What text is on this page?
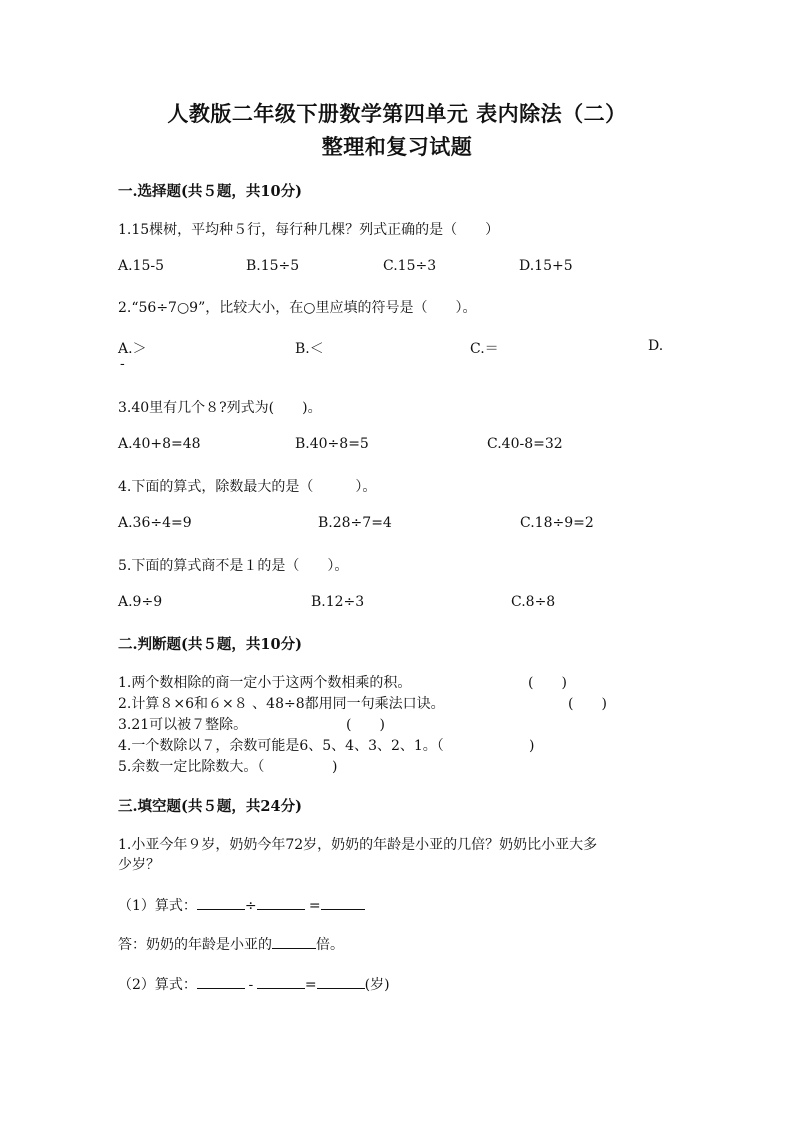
人教版二年级下册数学第四单元 表内除法（二）
整理和复习试题
一.选择题(共５题，共10分)
1.15棵树，平均种５行，每行种几棵？列式正确的是（　　）
A.15-5	B.15÷5	C.15÷3	D.15+5
2.“56÷7○9”，比较大小，在○里应填的符号是（　　）。
A.＞	B.＜	C.＝	D.
-
3.40里有几个８?列式为(　　)。
A.40+8=48	B.40÷8=5	C.40-8=32
4.下面的算式，除数最大的是（　　　）。
A.36÷4=9	B.28÷7=4	C.18÷9=2
5.下面的算式商不是１的是（　　）。
A.9÷9	B.12÷3	C.8÷8
二.判断题(共５题，共10分)
1.两个数相除的商一定小于这两个数相乘的积。	(　　)
2.计算８×6和６×８ 、48÷8都用同一句乘法口诀。	(　　)
3.21可以被７整除。	(　　)
4.一个数除以７，余数可能是6、5、4、3、2、1。（	　　　)
5.余数一定比除数大。（ 　　　)
三.填空题(共５题，共24分)
1.小亚今年９岁，奶奶今年72岁，奶奶的年龄是小亚的几倍？奶奶比小亚大多
少岁？
（1）算式：	÷	=
答：奶奶的年龄是小亚的	倍。
（2）算式：	-	=	(岁)
